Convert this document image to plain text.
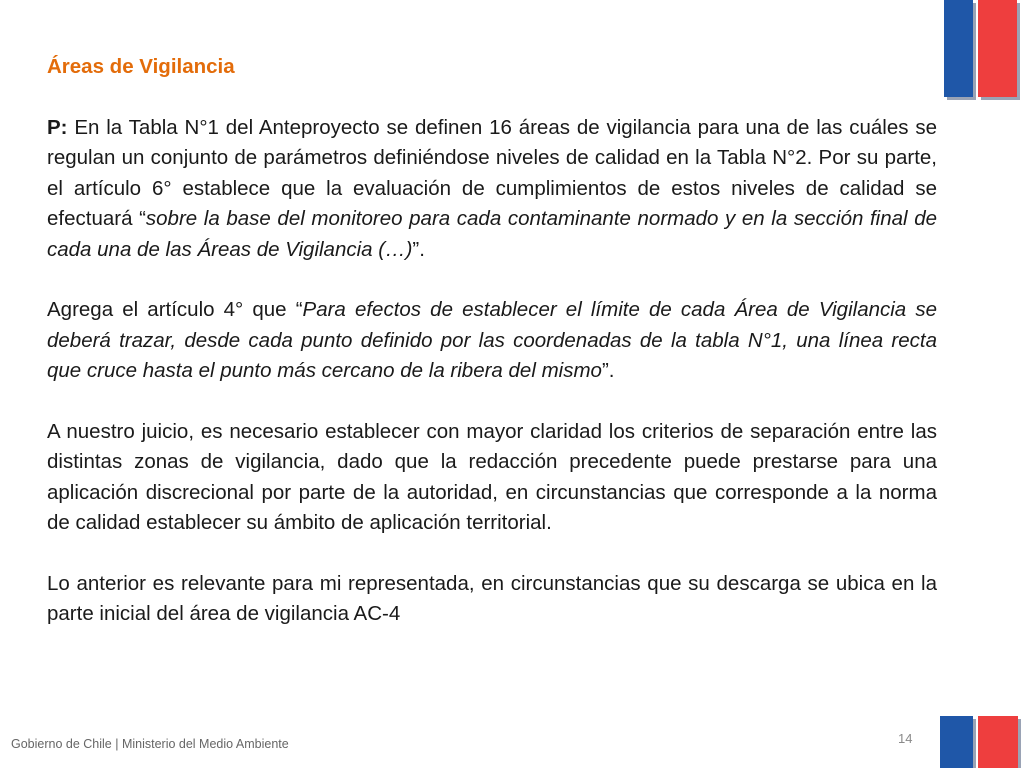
Áreas de Vigilancia

P: En la Tabla N°1 del Anteproyecto se definen 16 áreas de vigilancia para una de las cuáles se regulan un conjunto de parámetros definiéndose niveles de calidad en la Tabla N°2. Por su parte, el artículo 6° establece que la evaluación de cumplimientos de estos niveles de calidad se efectuará “sobre la base del monitoreo para cada contaminante normado y en la sección final de cada una de las Áreas de Vigilancia (…)”.

Agrega el artículo 4° que “Para efectos de establecer el límite de cada Área de Vigilancia se deberá trazar, desde cada punto definido por las coordenadas de la tabla N°1, una línea recta que cruce hasta el punto más cercano de la ribera del mismo”.

A nuestro juicio, es necesario establecer con mayor claridad los criterios de separación entre las distintas zonas de vigilancia, dado que la redacción precedente puede prestarse para una aplicación discrecional por parte de la autoridad, en circunstancias que corresponde a la norma de calidad establecer su ámbito de aplicación territorial.

Lo anterior es relevante para mi representada, en circunstancias que su descarga se ubica en la parte inicial del área de vigilancia AC-4

Gobierno de Chile | Ministerio del Medio Ambiente	14
